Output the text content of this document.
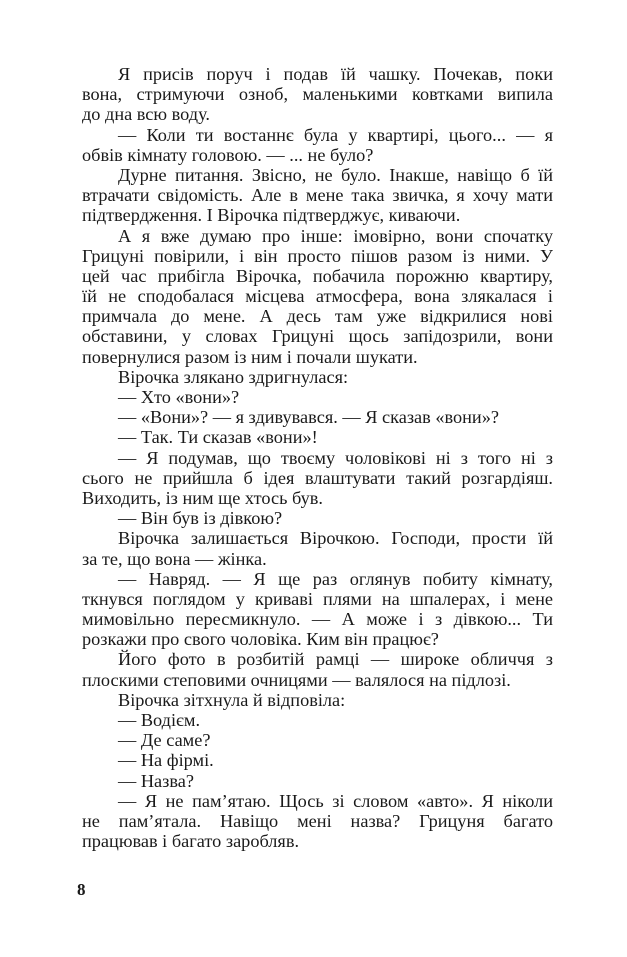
Я присів поруч і подав їй чашку. Почекав, поки
вона, стримуючи озноб, маленькими ковтками випила
до дна всю воду.
— Коли ти востаннє була у квартирі, цього... — я
обвів кімнату головою. — ... не було?
Дурне питання. Звісно, не було. Інакше, навіщо б їй
втрачати свідомість. Але в мене така звичка, я хочу мати
підтвердження. І Вірочка підтверджує, киваючи.
А я вже думаю про інше: імовірно, вони спочатку
Грицуні повірили, і він просто пішов разом із ними. У
цей час прибігла Вірочка, побачила порожню квартиру,
їй не сподобалася місцева атмосфера, вона злякалася і
примчала до мене. А десь там уже відкрилися нові
обставини, у словах Грицуні щось запідозрили, вони
повернулися разом із ним і почали шукати.
Вірочка злякано здригнулася:
— Хто «вони»?
— «Вони»? — я здивувався. — Я сказав «вони»?
— Так. Ти сказав «вони»!
— Я подумав, що твоєму чоловікові ні з того ні з
сього не прийшла б ідея влаштувати такий розгардіяш.
Виходить, із ним ще хтось був.
— Він був із дівкою?
Вірочка залишається Вірочкою. Господи, прости їй
за те, що вона — жінка.
— Навряд. — Я ще раз оглянув побиту кімнату,
ткнувся поглядом у криваві плями на шпалерах, і мене
мимовільно пересмикнуло. — А може і з дівкою... Ти
розкажи про свого чоловіка. Ким він працює?
Його фото в розбитій рамці — широке обличчя з
плоскими степовими очницями — валялося на підлозі.
Вірочка зітхнула й відповіла:
— Водієм.
— Де саме?
— На фірмі.
— Назва?
— Я не пам’ятаю. Щось зі словом «авто». Я ніколи
не пам’ятала. Навіщо мені назва? Грицуня багато
працював і багато заробляв.
8
